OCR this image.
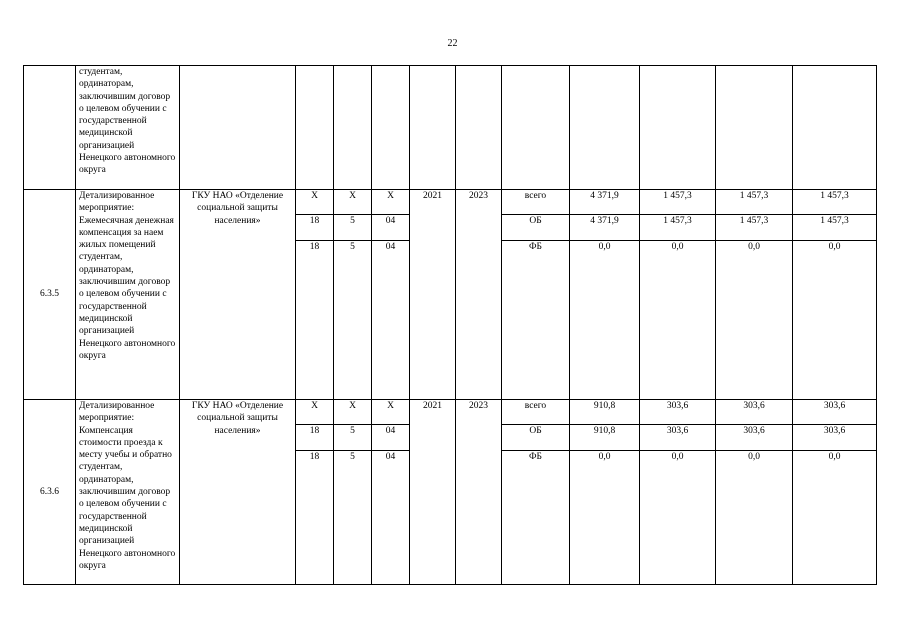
22
	студентам, ординаторам, заключившим договор о целевом обучении с государственной медицинской организацией Ненецкого автономного округа											
6.3.5	Детализированное мероприятие: Ежемесячная денежная компенсация за наем жилых помещений студентам, ординаторам, заключившим договор о целевом обучении с государственной медицинской организацией Ненецкого автономного округа	ГКУ НАО «Отделение социальной защиты населения»	Х	Х	Х	2021	2023	всего	4 371,9	1 457,3	1 457,3	1 457,3
			18	5	04			ОБ	4 371,9	1 457,3	1 457,3	1 457,3
			18	5	04			ФБ	0,0	0,0	0,0	0,0
6.3.6	Детализированное мероприятие: Компенсация стоимости проезда к месту учебы и обратно студентам, ординаторам, заключившим договор о целевом обучении с государственной медицинской организацией Ненецкого автономного округа	ГКУ НАО «Отделение социальной защиты населения»	Х	Х	Х	2021	2023	всего	910,8	303,6	303,6	303,6
			18	5	04			ОБ	910,8	303,6	303,6	303,6
			18	5	04			ФБ	0,0	0,0	0,0	0,0
